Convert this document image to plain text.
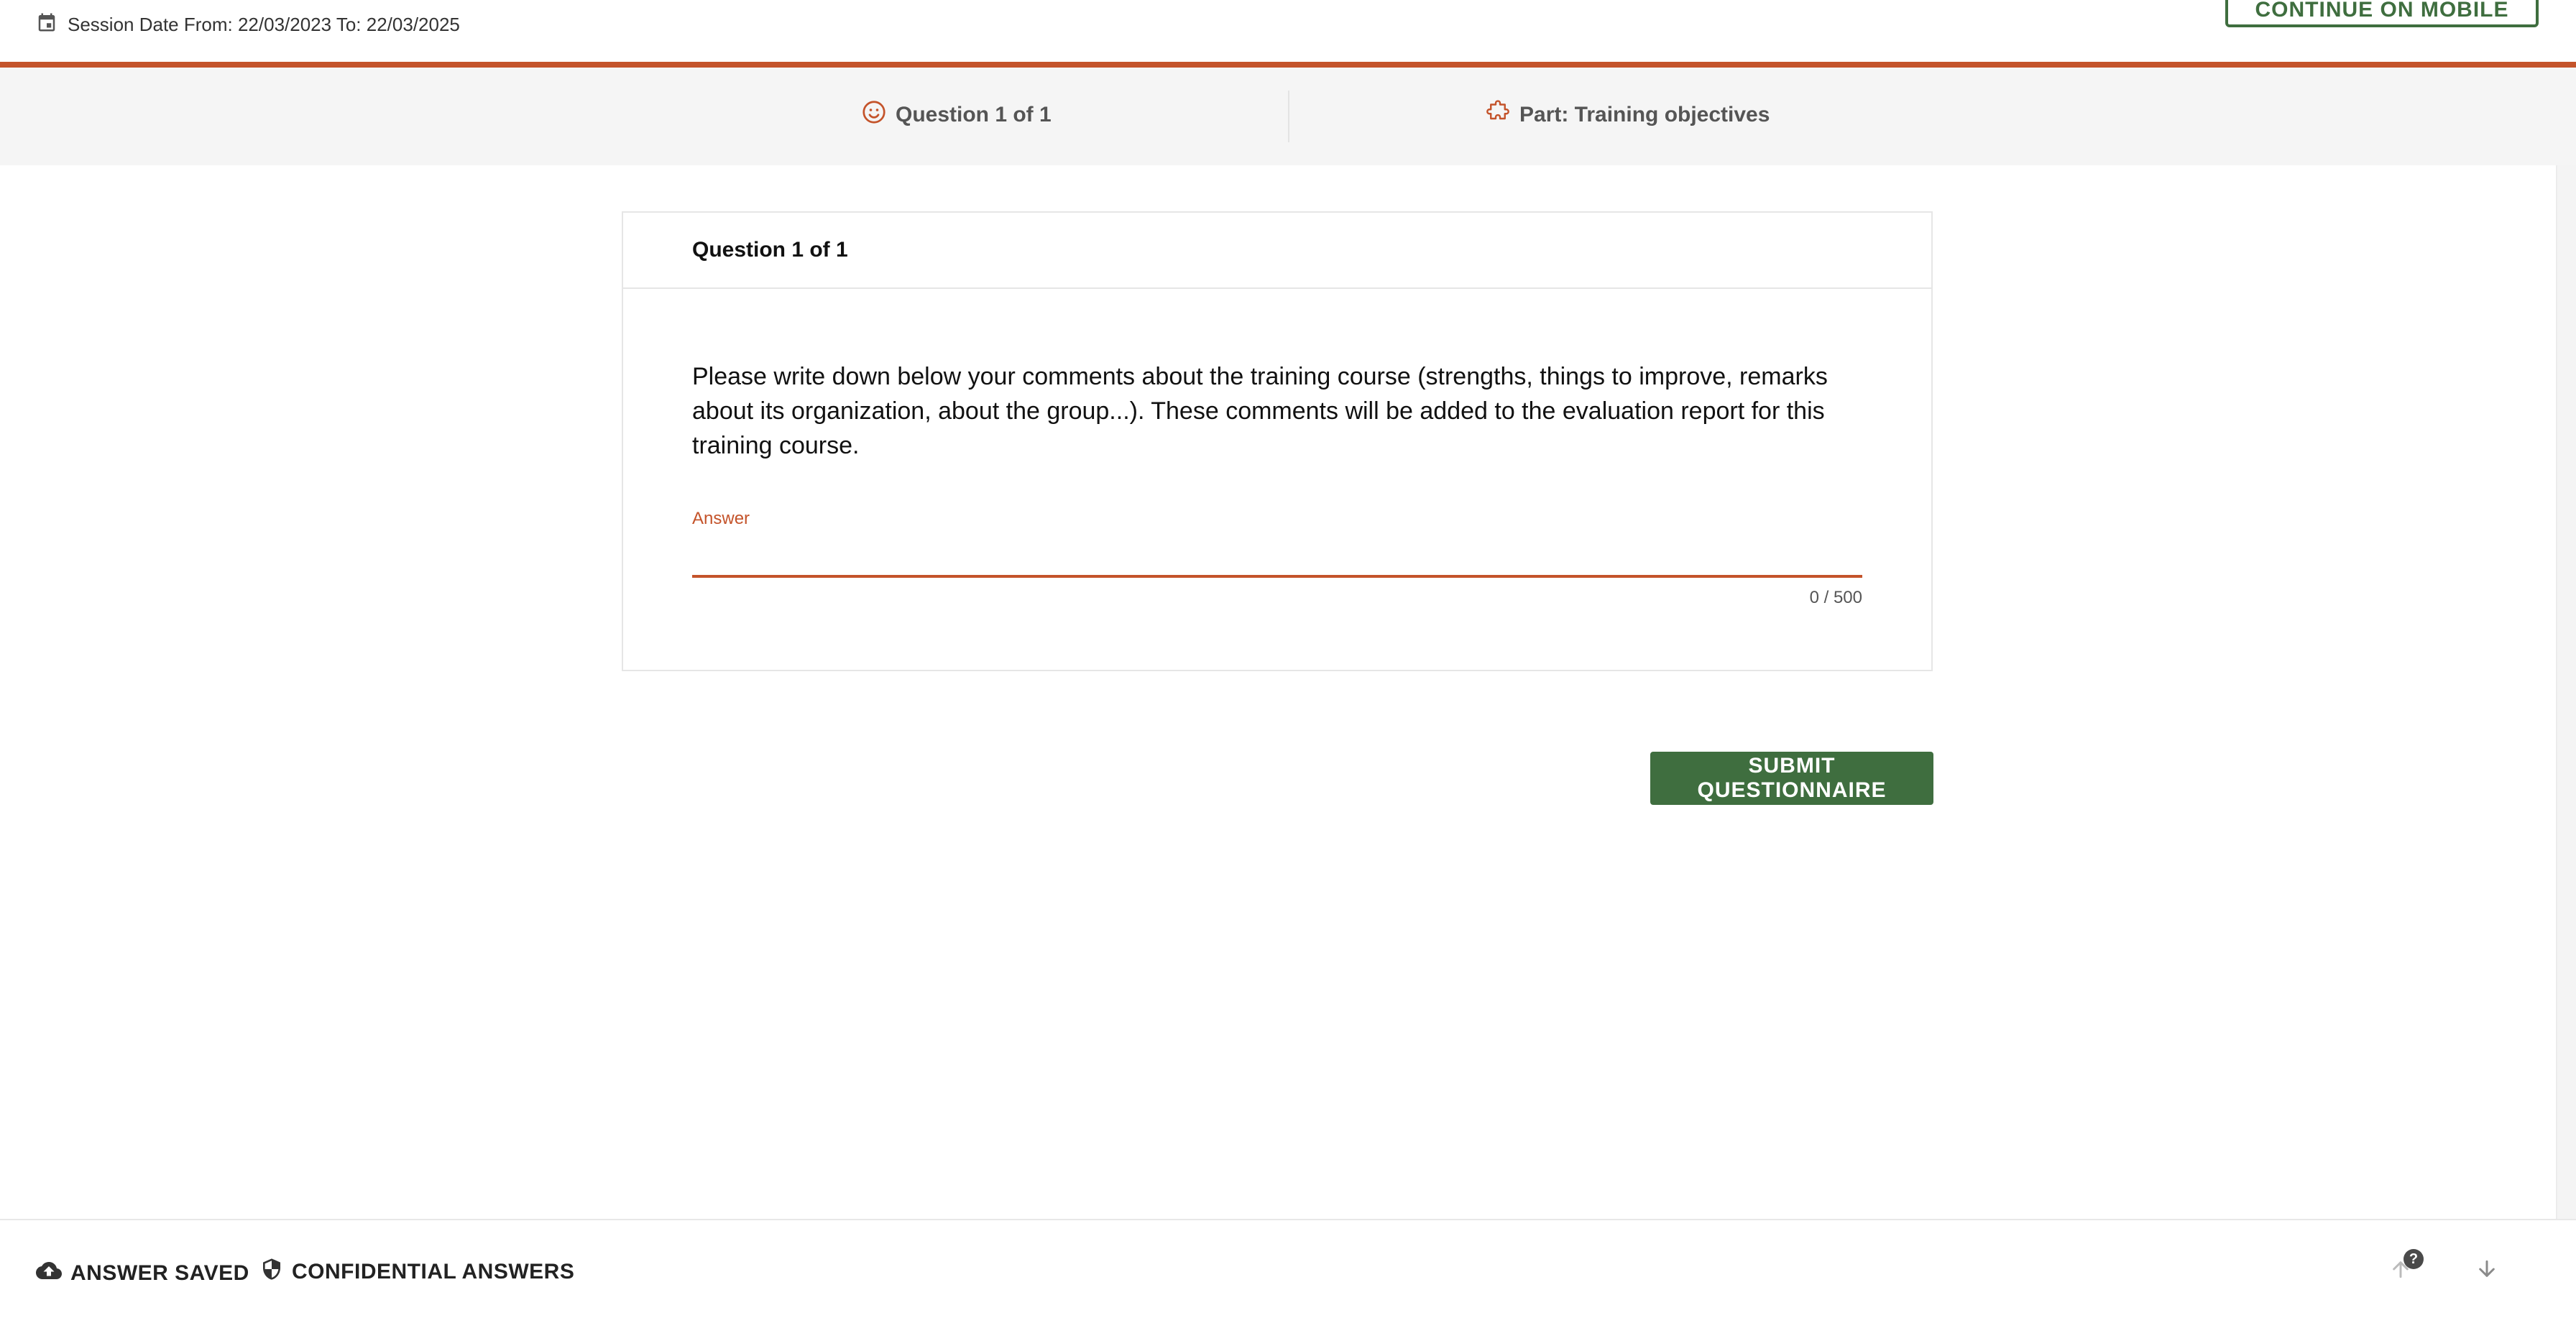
Session Date From: 22/03/2023 To: 22/03/2025
CONTINUE ON MOBILE
Question 1 of 1	Part: Training objectives
Question 1 of 1
Please write down below your comments about the training course (strengths, things to improve, remarks about its organization, about the group...). These comments will be added to the evaluation report for this training course.
Answer
0 / 500
SUBMIT QUESTIONNAIRE
ANSWER SAVED CONFIDENTIAL ANSWERS
?
